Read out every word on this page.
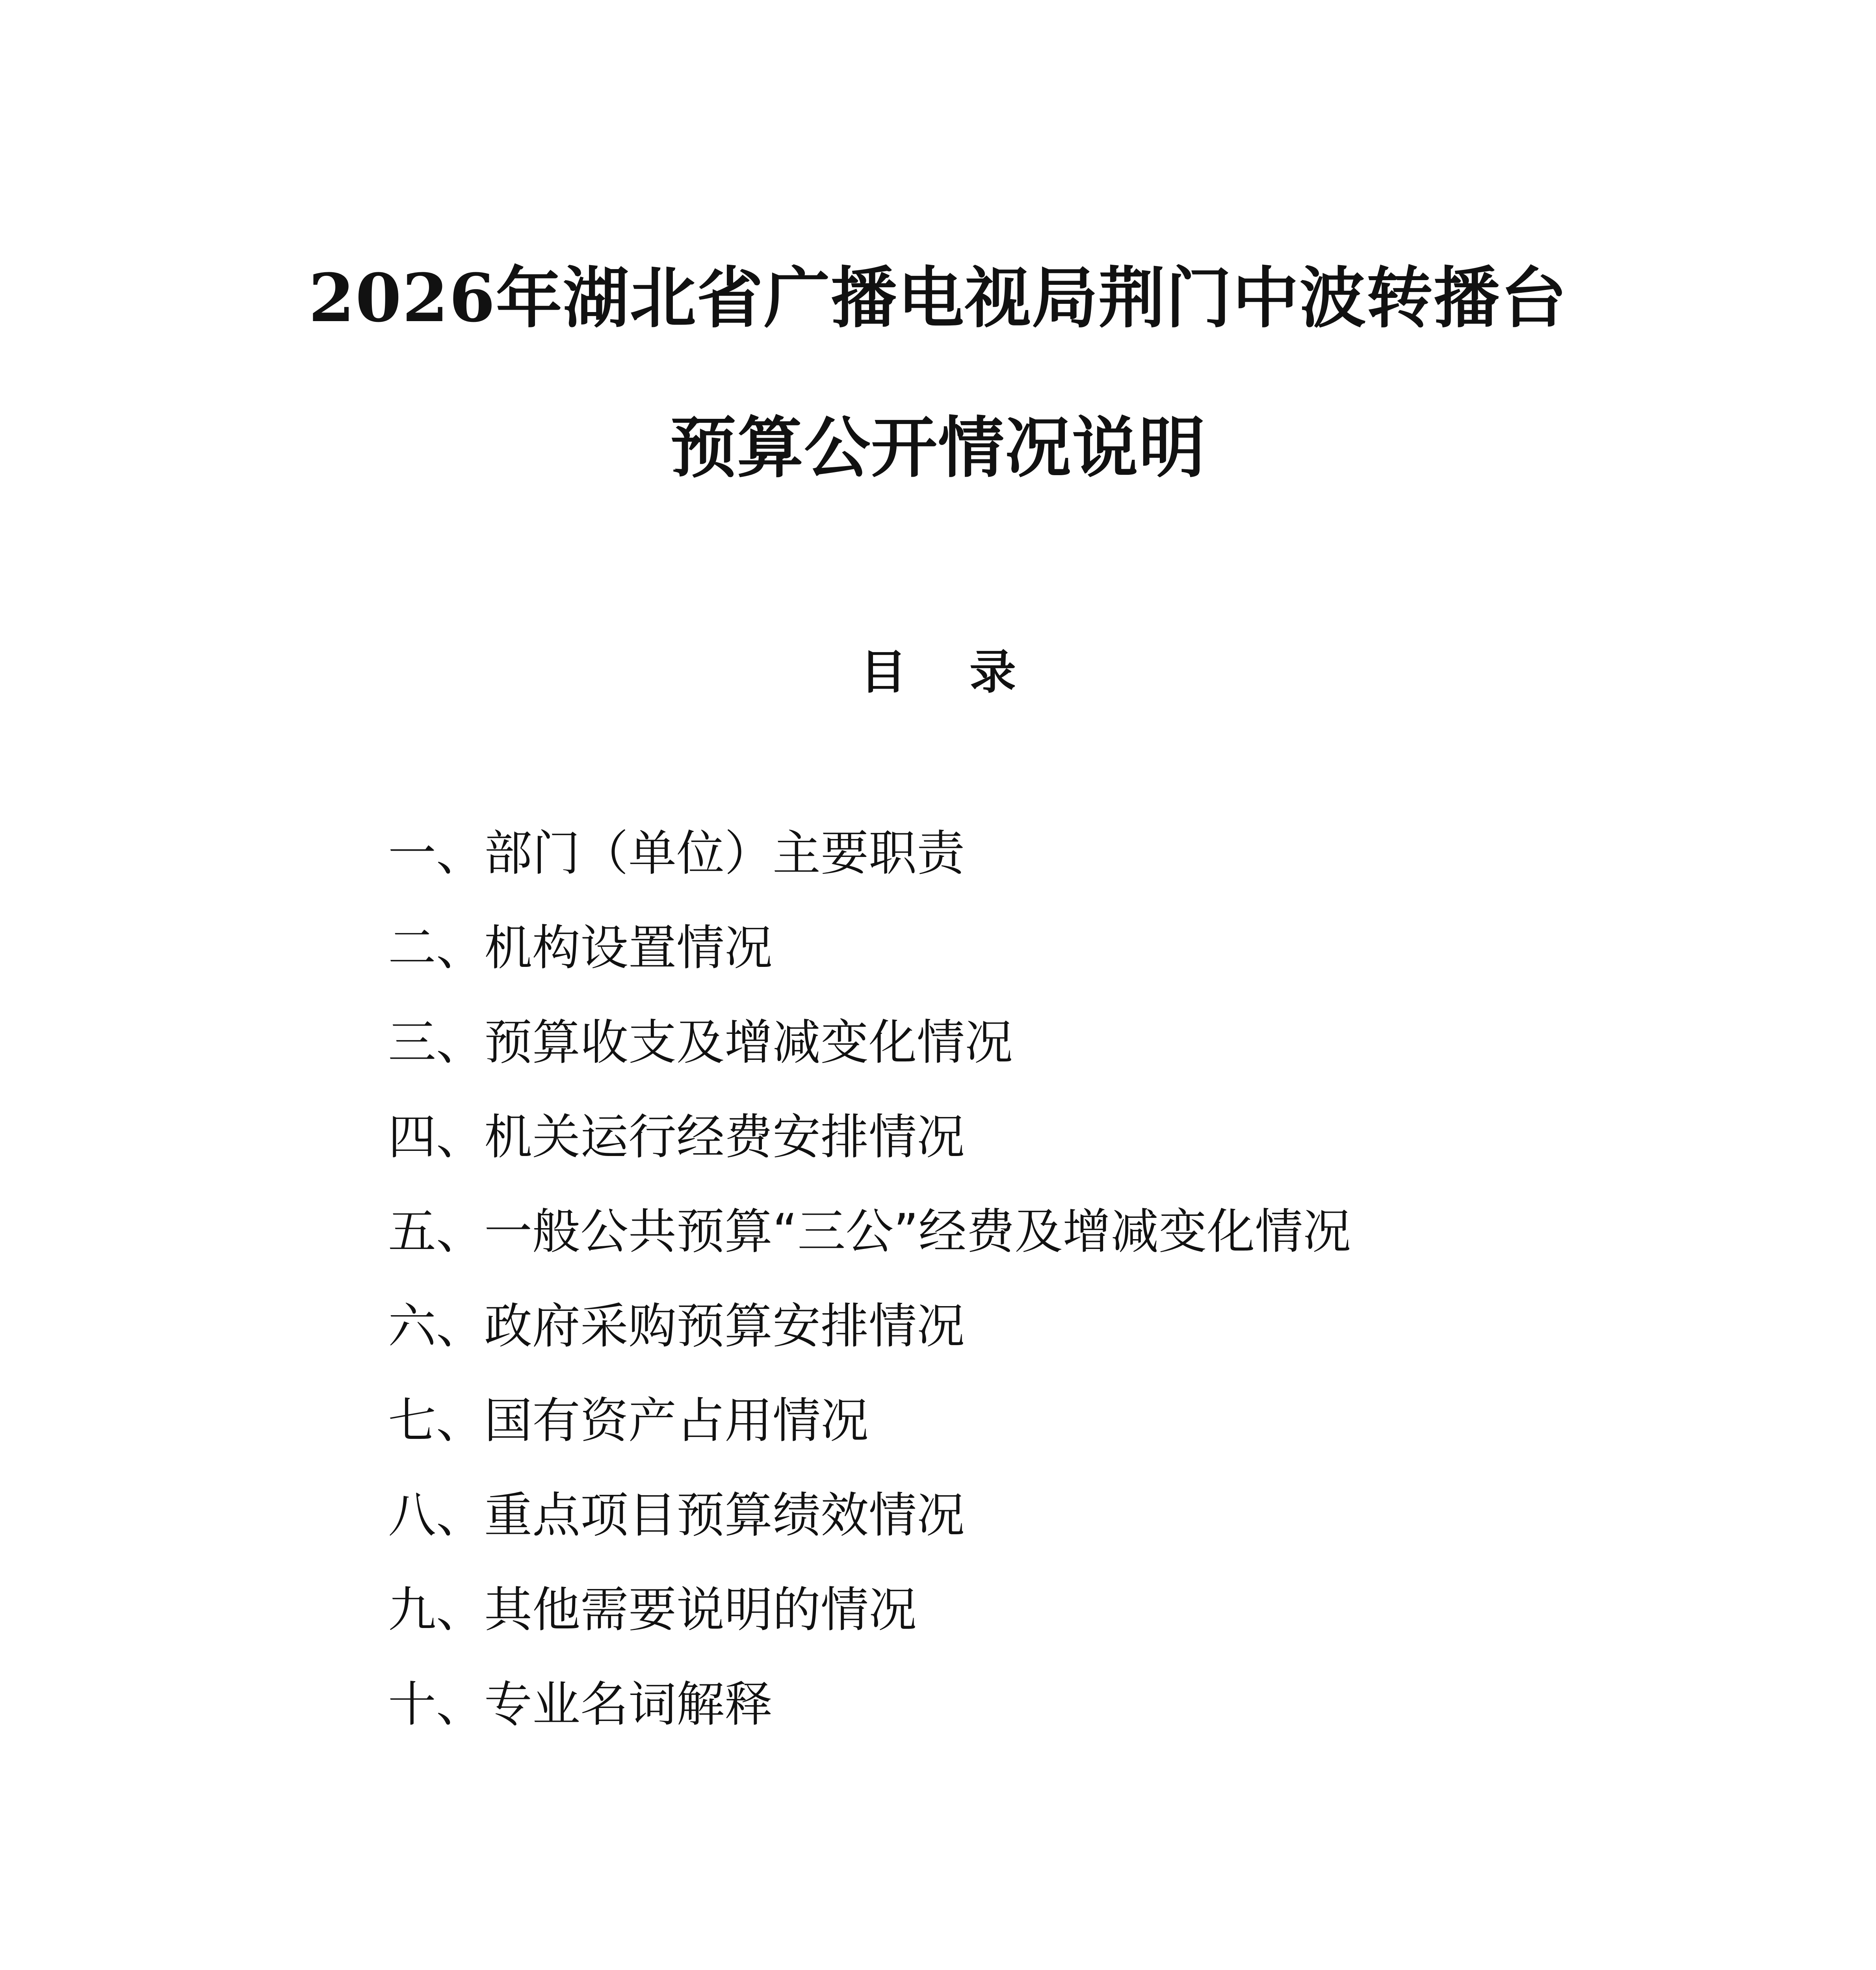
2026年湖北省广播电视局荆门中波转播台
预算公开情况说明
目录
一、部门（单位）主要职责
二、机构设置情况
三、预算收支及增减变化情况
四、机关运行经费安排情况
五、一般公共预算“三公”经费及增减变化情况
六、政府采购预算安排情况
七、国有资产占用情况
八、重点项目预算绩效情况
九、其他需要说明的情况
十、专业名词解释
